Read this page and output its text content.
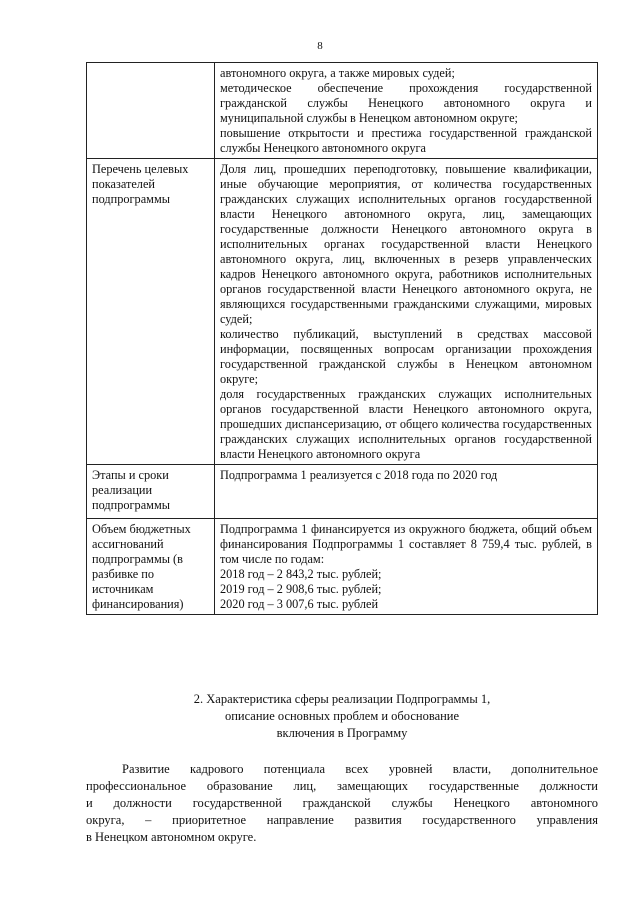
8

	автономного округа, а также мировых судей;
методическое обеспечение прохождения государственной гражданской службы Ненецкого автономного округа и муниципальной службы в Ненецком автономном округе;
повышение открытости и престижа государственной гражданской службы Ненецкого автономного округа

Перечень целевых показателей подпрограммы	Доля лиц, прошедших переподготовку, повышение квалификации, иные обучающие мероприятия, от количества государственных гражданских служащих исполнительных органов государственной власти Ненецкого автономного округа, лиц, замещающих государственные должности Ненецкого автономного округа в исполнительных органах государственной власти Ненецкого автономного округа, лиц, включенных в резерв управленческих кадров Ненецкого автономного округа, работников исполнительных органов государственной власти Ненецкого автономного округа, не являющихся государственными гражданскими служащими, мировых судей;
количество публикаций, выступлений в средствах массовой информации, посвященных вопросам организации прохождения государственной гражданской службы в Ненецком автономном округе;
доля государственных гражданских служащих исполнительных органов государственной власти Ненецкого автономного округа, прошедших диспансеризацию, от общего количества государственных гражданских служащих исполнительных органов государственной власти Ненецкого автономного округа

Этапы и сроки реализации подпрограммы	Подпрограмма 1 реализуется с 2018 года по 2020 год

Объем бюджетных ассигнований подпрограммы (в разбивке по источникам финансирования)	Подпрограмма 1 финансируется из окружного бюджета, общий объем финансирования Подпрограммы 1 составляет 8 759,4 тыс. рублей, в том числе по годам:
2018 год – 2 843,2 тыс. рублей;
2019 год – 2 908,6 тыс. рублей;
2020 год – 3 007,6 тыс. рублей
2. Характеристика сферы реализации Подпрограммы 1,
описание основных проблем и обоснование
включения в Программу
Развитие кадрового потенциала всех уровней власти, дополнительное
профессиональное образование лиц, замещающих государственные должности
и должности государственной гражданской службы Ненецкого автономного
округа, – приоритетное направление развития государственного управления
в Ненецком автономном округе.
